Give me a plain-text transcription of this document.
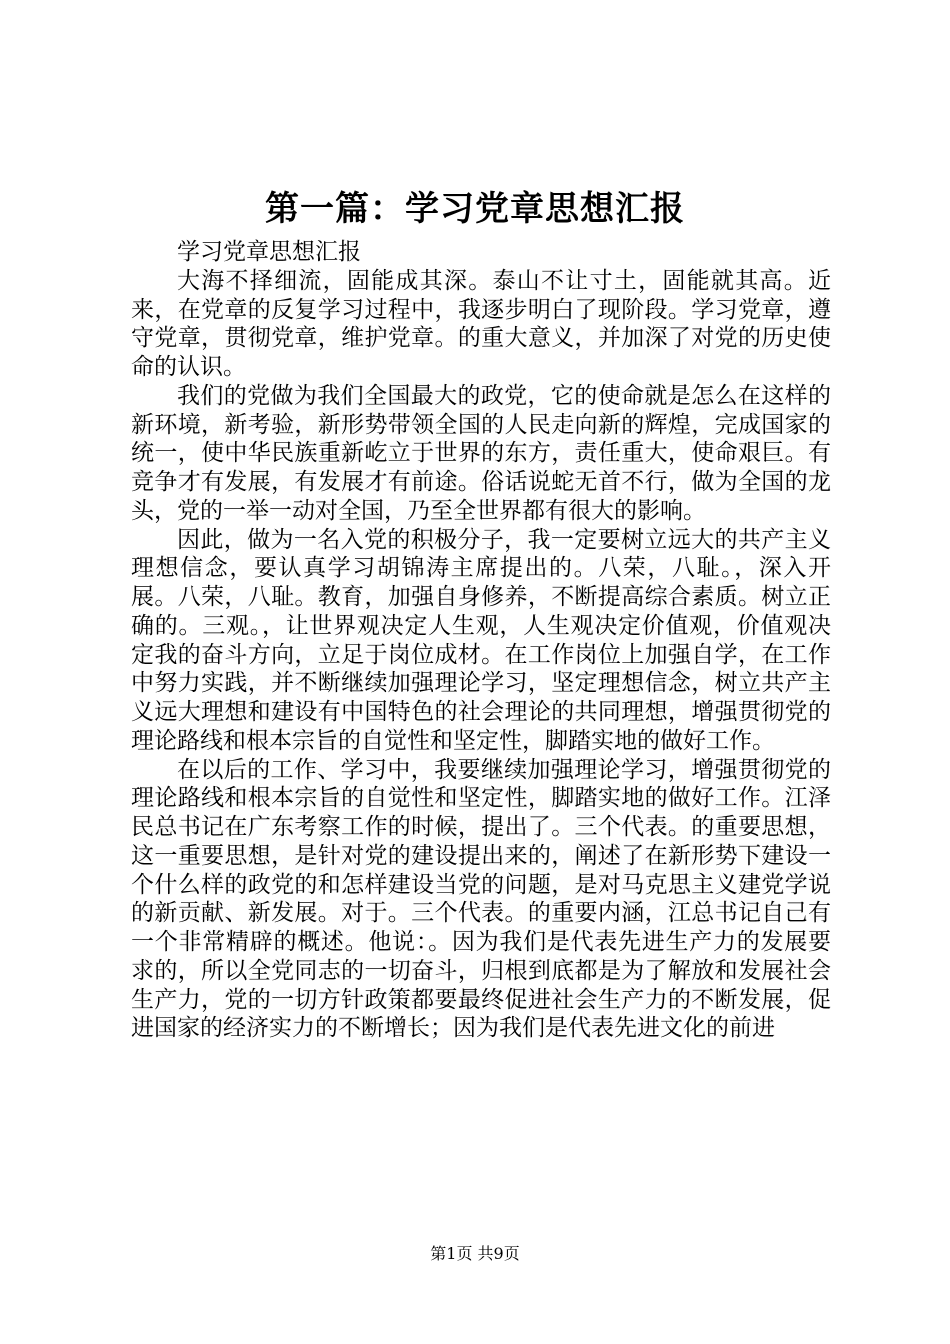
第一篇：学习党章思想汇报

学习党章思想汇报

大海不择细流，固能成其深。泰山不让寸土，固能就其高。近来，在党章的反复学习过程中，我逐步明白了现阶段。学习党章，遵守党章，贯彻党章，维护党章。的重大意义，并加深了对党的历史使命的认识。

我们的党做为我们全国最大的政党，它的使命就是怎么在这样的新环境，新考验，新形势带领全国的人民走向新的辉煌，完成国家的统一，使中华民族重新屹立于世界的东方，责任重大，使命艰巨。有竞争才有发展，有发展才有前途。俗话说蛇无首不行，做为全国的龙头，党的一举一动对全国，乃至全世界都有很大的影响。

因此，做为一名入党的积极分子，我一定要树立远大的共产主义理想信念，要认真学习胡锦涛主席提出的。八荣，八耻。，深入开展。八荣，八耻。教育，加强自身修养，不断提高综合素质。树立正确的。三观。，让世界观决定人生观，人生观决定价值观，价值观决定我的奋斗方向，立足于岗位成材。在工作岗位上加强自学，在工作中努力实践，并不断继续加强理论学习，坚定理想信念，树立共产主义远大理想和建设有中国特色的社会理论的共同理想，增强贯彻党的理论路线和根本宗旨的自觉性和坚定性，脚踏实地的做好工作。

在以后的工作、学习中，我要继续加强理论学习，增强贯彻党的理论路线和根本宗旨的自觉性和坚定性，脚踏实地的做好工作。江泽民总书记在广东考察工作的时候，提出了。三个代表。的重要思想，这一重要思想，是针对党的建设提出来的，阐述了在新形势下建设一个什么样的政党的和怎样建设当党的问题，是对马克思主义建党学说的新贡献、新发展。对于。三个代表。的重要内涵，江总书记自己有一个非常精辟的概述。他说：。因为我们是代表先进生产力的发展要求的，所以全党同志的一切奋斗，归根到底都是为了解放和发展社会生产力，党的一切方针政策都要最终促进社会生产力的不断发展，促进国家的经济实力的不断增长；因为我们是代表先进文化的前进

第1页 共9页
